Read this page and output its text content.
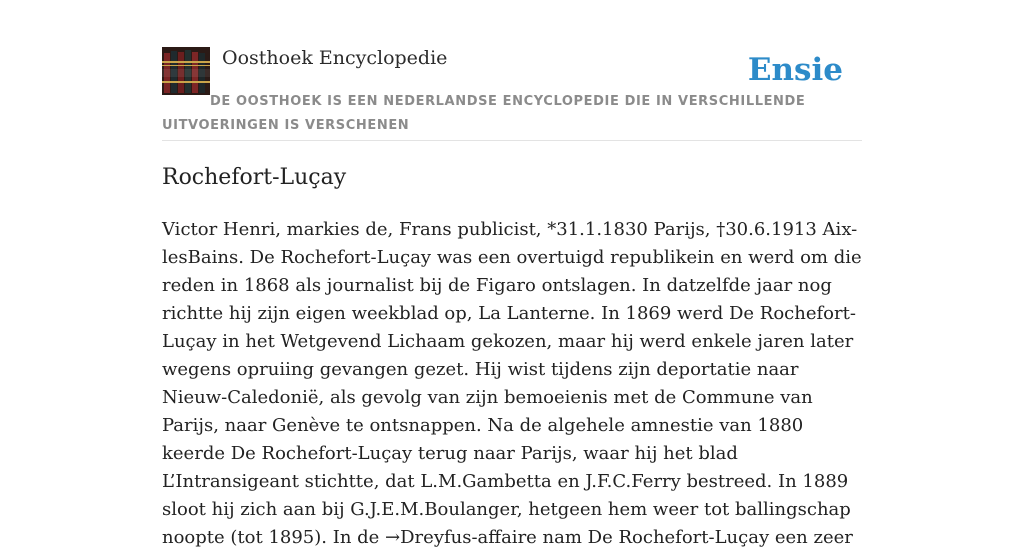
Oosthoek Encyclopedie	Ensie
DE OOSTHOEK IS EEN NEDERLANDSE ENCYCLOPEDIE DIE IN VERSCHILLENDE UITVOERINGEN IS VERSCHENEN
Rochefort-Luçay

Victor Henri, markies de, Frans publicist, *31.1.1830 Parijs, †30.6.1913 Aix-lesBains. De Rochefort-Luçay was een overtuigd republikein en werd om die reden in 1868 als journalist bij de Figaro ontslagen. In datzelfde jaar nog richtte hij zijn eigen weekblad op, La Lanterne. In 1869 werd De Rochefort-Luçay in het Wetgevend Lichaam gekozen, maar hij werd enkele jaren later wegens opruiing gevangen gezet. Hij wist tijdens zijn deportatie naar Nieuw-Caledonië, als gevolg van zijn bemoeienis met de Commune van Parijs, naar Genève te ontsnappen. Na de algehele amnestie van 1880 keerde De Rochefort-Luçay terug naar Parijs, waar hij het blad L’Intransigeant stichtte, dat L.M.Gambetta en J.F.C.Ferry bestreed. In 1889 sloot hij zich aan bij G.J.E.M.Boulanger, hetgeen hem weer tot ballingschap noopte (tot 1895). In de →Dreyfus-affaire nam De Rochefort-Luçay een zeer
